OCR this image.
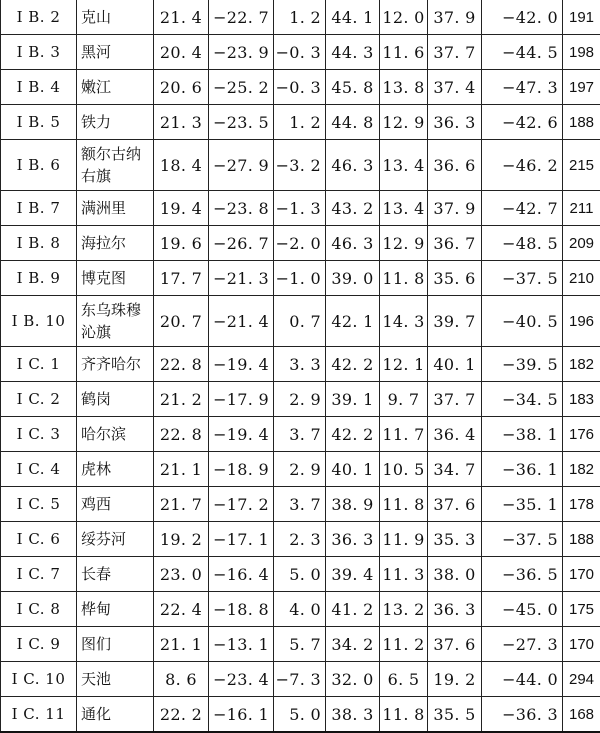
I B. 2	克山	21. 4	−22. 7	1. 2	44. 1	12. 0	37. 9	−42. 0	191
I B. 3	黑河	20. 4	−23. 9	−0. 3	44. 3	11. 6	37. 7	−44. 5	198
I B. 4	嫩江	20. 6	−25. 2	−0. 3	45. 8	13. 8	37. 4	−47. 3	197
I B. 5	铁力	21. 3	−23. 5	1. 2	44. 8	12. 9	36. 3	−42. 6	188
I B. 6	额尔古纳右旗	18. 4	−27. 9	−3. 2	46. 3	13. 4	36. 6	−46. 2	215
I B. 7	满洲里	19. 4	−23. 8	−1. 3	43. 2	13. 4	37. 9	−42. 7	211
I B. 8	海拉尔	19. 6	−26. 7	−2. 0	46. 3	12. 9	36. 7	−48. 5	209
I B. 9	博克图	17. 7	−21. 3	−1. 0	39. 0	11. 8	35. 6	−37. 5	210
I B. 10	东乌珠穆沁旗	20. 7	−21. 4	0. 7	42. 1	14. 3	39. 7	−40. 5	196
I C. 1	齐齐哈尔	22. 8	−19. 4	3. 3	42. 2	12. 1	40. 1	−39. 5	182
I C. 2	鹤岗	21. 2	−17. 9	2. 9	39. 1	9. 7	37. 7	−34. 5	183
I C. 3	哈尔滨	22. 8	−19. 4	3. 7	42. 2	11. 7	36. 4	−38. 1	176
I C. 4	虎林	21. 1	−18. 9	2. 9	40. 1	10. 5	34. 7	−36. 1	182
I C. 5	鸡西	21. 7	−17. 2	3. 7	38. 9	11. 8	37. 6	−35. 1	178
I C. 6	绥芬河	19. 2	−17. 1	2. 3	36. 3	11. 9	35. 3	−37. 5	188
I C. 7	长春	23. 0	−16. 4	5. 0	39. 4	11. 3	38. 0	−36. 5	170
I C. 8	桦甸	22. 4	−18. 8	4. 0	41. 2	13. 2	36. 3	−45. 0	175
I C. 9	图们	21. 1	−13. 1	5. 7	34. 2	11. 2	37. 6	−27. 3	170
I C. 10	天池	8. 6	−23. 4	−7. 3	32. 0	6. 5	19. 2	−44. 0	294
I C. 11	通化	22. 2	−16. 1	5. 0	38. 3	11. 8	35. 5	−36. 3	168
